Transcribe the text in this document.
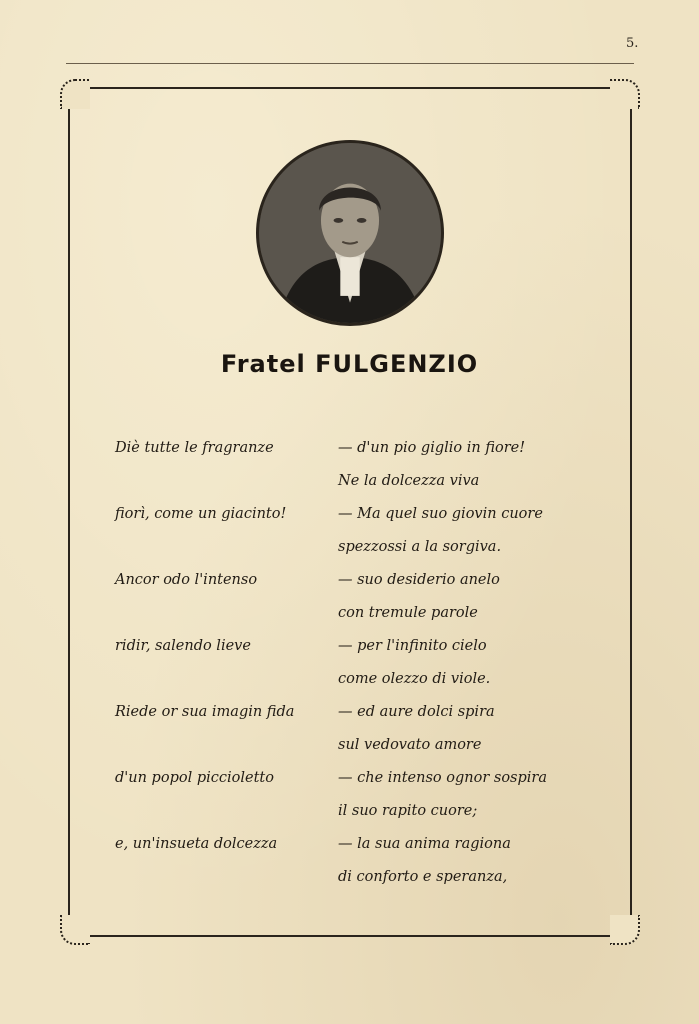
5.
Fratel FULGENZIO
Diè tutte le fragranze	— d'un pio giglio in fiore!
Ne la dolcezza viva
fiorì, come un giacinto!	— Ma quel suo giovin cuore
spezzossi a la sorgiva.
Ancor odo l'intenso	— suo desiderio anelo
con tremule parole
ridir, salendo lieve	— per l'infinito cielo
come olezzo di viole.
Riede or sua imagin fida	— ed aure dolci spira
sul vedovato amore
d'un popol piccioletto	— che intenso ognor sospira
il suo rapito cuore;
e, un'insueta dolcezza	— la sua anima ragiona
di conforto e speranza,
